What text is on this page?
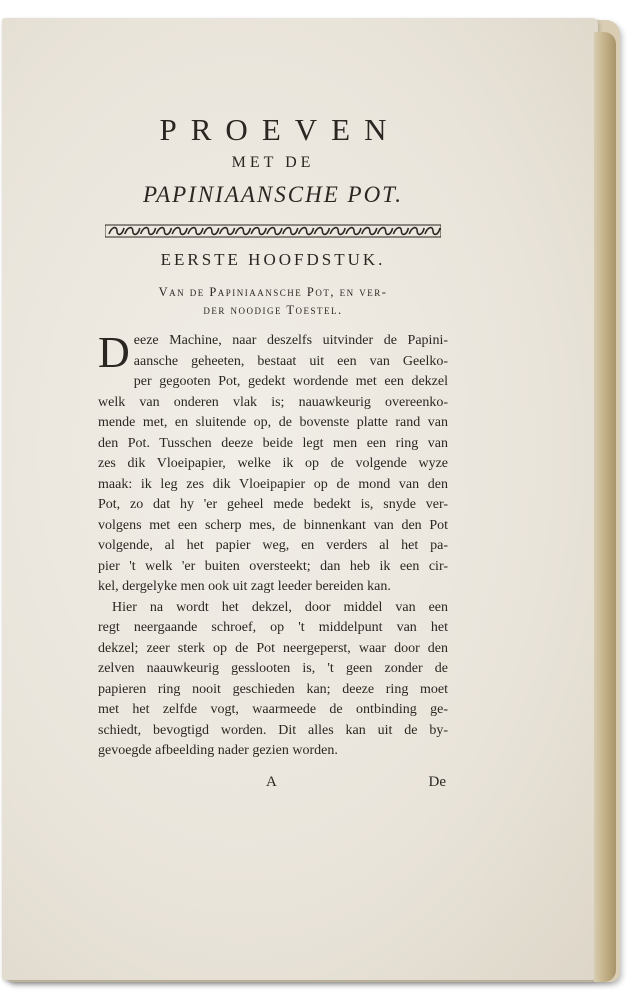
PROEVEN
MET DE
PAPINIAANSCHE POT.
EERSTE HOOFDSTUK.
Van de Papiniaansche Pot, en ver-
der noodige Toestel.
D eeze Machine, naar deszelfs uitvinder de Papini-
aansche geheeten, bestaat uit een van Geelko-
per gegooten Pot, gedekt wordende met een dekzel
welk van onderen vlak is; nauawkeurig overeenko-
mende met, en sluitende op, de bovenste platte rand van
den Pot. Tusschen deeze beide legt men een ring van
zes dik Vloeipapier, welke ik op de volgende wyze
maak: ik leg zes dik Vloeipapier op de mond van den
Pot, zo dat hy 'er geheel mede bedekt is, snyde ver-
volgens met een scherp mes, de binnenkant van den Pot
volgende, al het papier weg, en verders al het pa-
pier 't welk 'er buiten oversteekt; dan heb ik een cir-
kel, dergelyke men ook uit zagt leeder bereiden kan.
Hier na wordt het dekzel, door middel van een
regt neergaande schroef, op 't middelpunt van het
dekzel; zeer sterk op de Pot neergeperst, waar door den
zelven naauwkeurig gesslooten is, 't geen zonder de
papieren ring nooit geschieden kan; deeze ring moet
met het zelfde vogt, waarmeede de ontbinding ge-
schiedt, bevogtigd worden. Dit alles kan uit de by-
gevoegde afbeelding nader gezien worden.
A	De
